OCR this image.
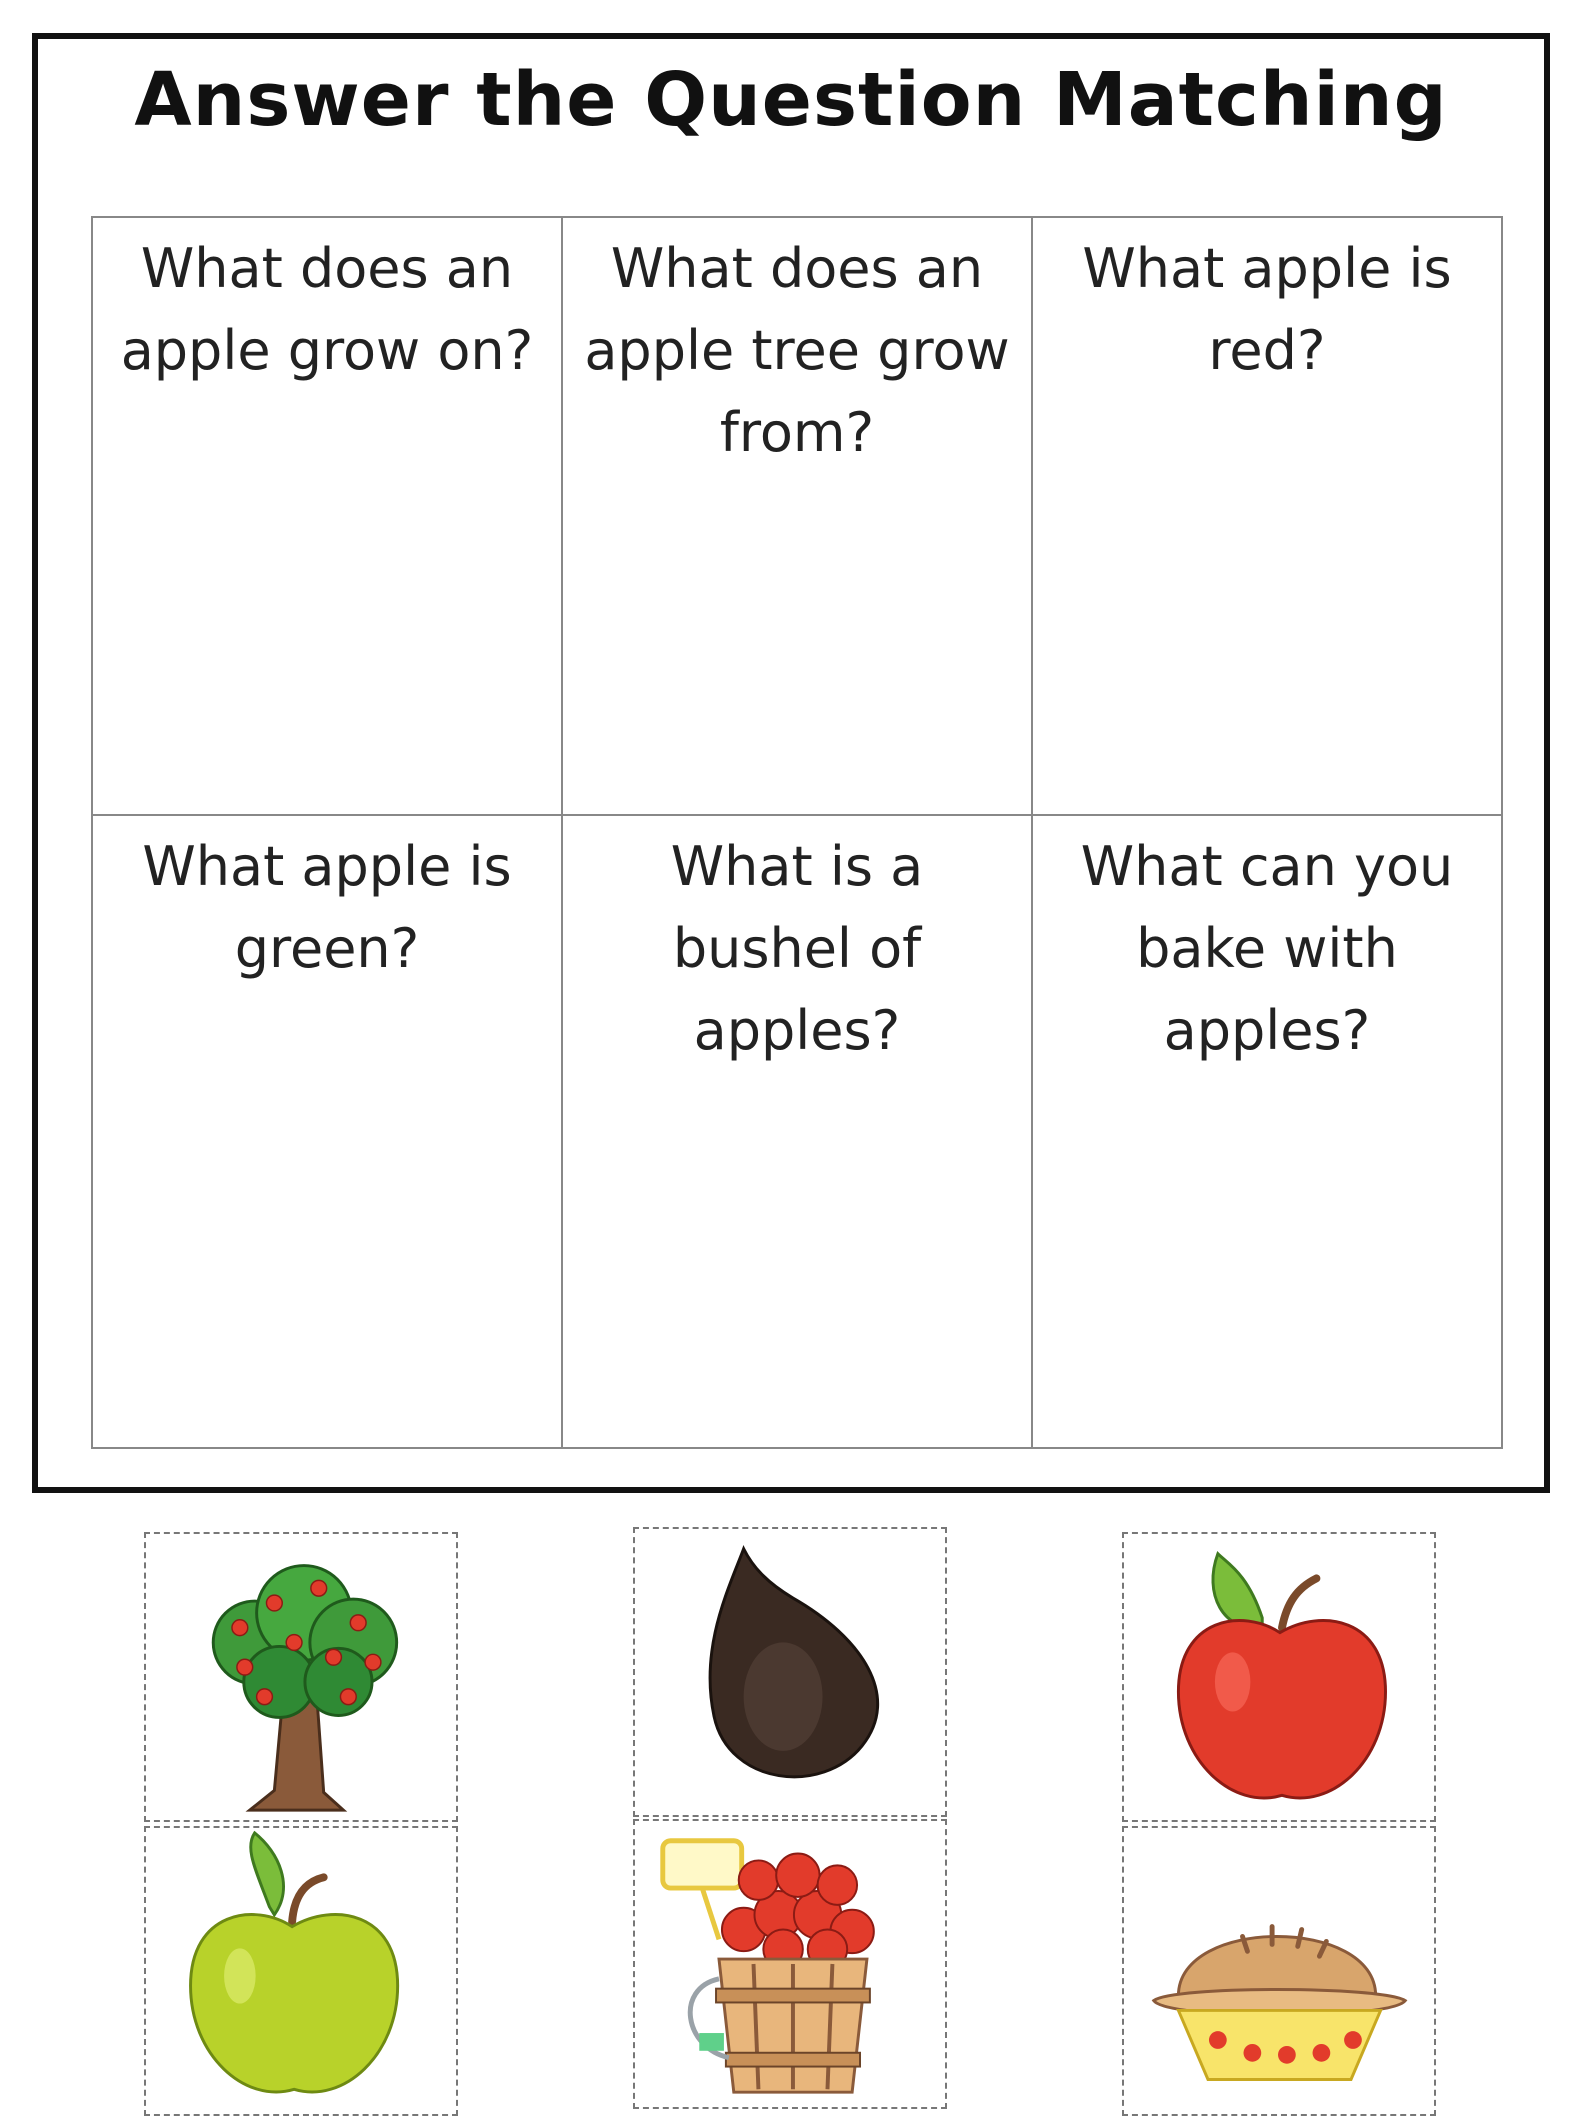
Answer the Question Matching
What does an apple grow on?
What does an apple tree grow from?
What apple is red?
What apple is green?
What is a bushel of apples?
What can you bake with apples?
